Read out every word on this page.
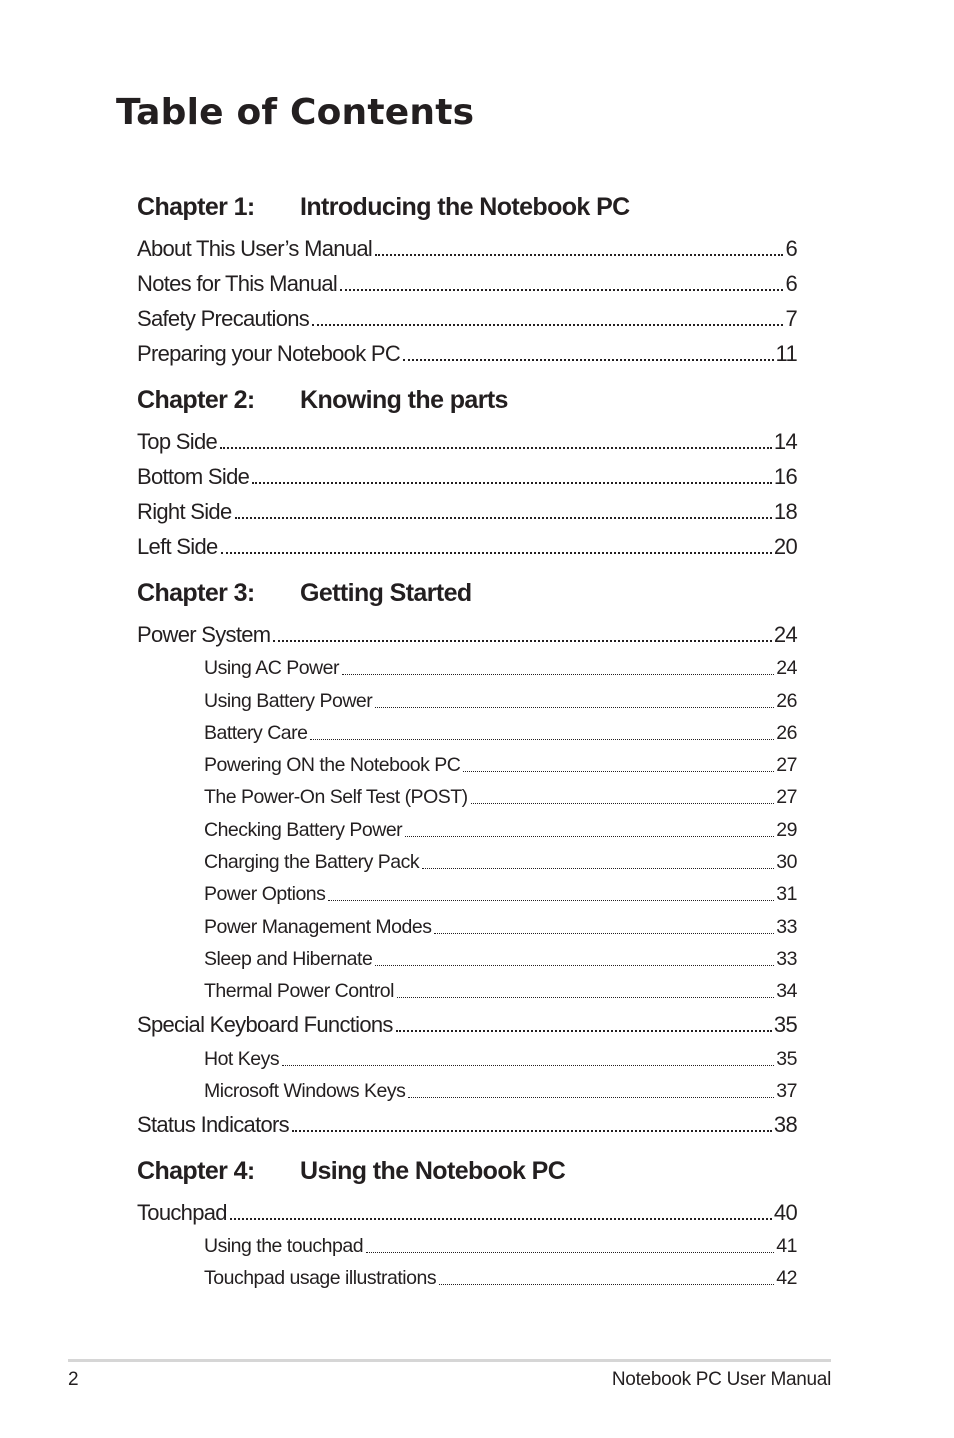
Table of Contents
Chapter 1:	Introducing the Notebook PC
About This User’s Manual	6
Notes for This Manual	6
Safety Precautions	7
Preparing your Notebook PC	11
Chapter 2:	Knowing the parts
Top Side	14
Bottom Side	16
Right Side	18
Left Side	20
Chapter 3:	Getting Started
Power System	24
Using AC Power	24
Using Battery Power	26
Battery Care	26
Powering ON the Notebook PC	27
The Power-On Self Test (POST)	27
Checking Battery Power	29
Charging the Battery Pack	30
Power Options	31
Power Management Modes	33
Sleep and Hibernate	33
Thermal Power Control	34
Special Keyboard Functions	35
Hot Keys	35
Microsoft Windows Keys	37
Status Indicators	38
Chapter 4:	Using the Notebook PC
Touchpad	40
Using the touchpad	41
Touchpad usage illustrations	42
2	Notebook PC User Manual
